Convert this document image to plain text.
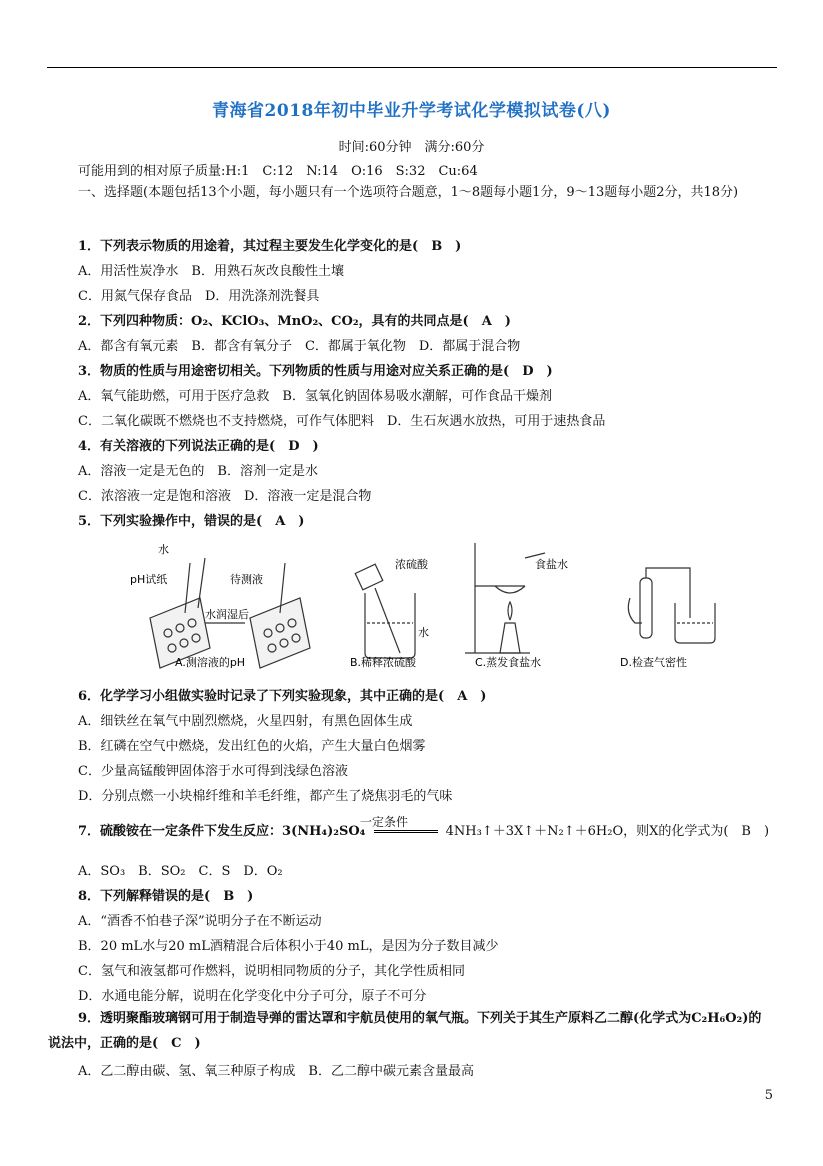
青海省2018年初中毕业升学考试化学模拟试卷(八)
时间:60分钟　满分:60分
可能用到的相对原子质量:H:1　C:12　N:14　O:16　S:32　Cu:64
一、选择题(本题包括13个小题，每小题只有一个选项符合题意，1～8题每小题1分，9～13题每小题2分，共18分)
1．下列表示物质的用途着，其过程主要发生化学变化的是(　B　)
A．用活性炭净水　B．用熟石灰改良酸性土壤
C．用氮气保存食品　D．用洗涤剂洗餐具
2．下列四种物质：O₂、KClO₃、MnO₂、CO₂，具有的共同点是(　A　)
A．都含有氧元素　B．都含有氧分子　C．都属于氧化物　D．都属于混合物
3．物质的性质与用途密切相关。下列物质的性质与用途对应关系正确的是(　D　)
A．氧气能助燃，可用于医疗急救　B．氢氧化钠固体易吸水潮解，可作食品干燥剂
C．二氧化碳既不燃烧也不支持燃烧，可作气体肥料　D．生石灰遇水放热，可用于速热食品
4．有关溶液的下列说法正确的是(　D　)
A．溶液一定是无色的　B．溶剂一定是水
C．浓溶液一定是饱和溶液　D．溶液一定是混合物
5．下列实验操作中，错误的是(　A　)
水
pH试纸	待测液
水润湿后
A.测溶液的pH
浓硫酸
水
B.稀释浓硫酸
食盐水
C.蒸发食盐水	D.检查气密性
6．化学学习小组做实验时记录了下列实验现象，其中正确的是(　A　)
A．细铁丝在氧气中剧烈燃烧，火星四射，有黑色固体生成
B．红磷在空气中燃烧，发出红色的火焰，产生大量白色烟雾
C．少量高锰酸钾固体溶于水可得到浅绿色溶液
D．分别点燃一小块棉纤维和羊毛纤维，都产生了烧焦羽毛的气味
7．硫酸铵在一定条件下发生反应：3(NH₄)₂SO₄	4NH₃↑＋3X↑＋N₂↑＋6H₂O，则X的化学式为(　B　)
一定条件
A．SO₃　B．SO₂　C．S　D．O₂
8．下列解释错误的是(　B　)
A．“酒香不怕巷子深”说明分子在不断运动
B．20 mL水与20 mL酒精混合后体积小于40 mL，是因为分子数目减少
C．氢气和液氢都可作燃料，说明相同物质的分子，其化学性质相同
D．水通电能分解，说明在化学变化中分子可分，原子不可分
9．透明聚酯玻璃钢可用于制造导弹的雷达罩和宇航员使用的氧气瓶。下列关于其生产原料乙二醇(化学式为C₂H₆O₂)的说法中，正确的是(　C　)
A．乙二醇由碳、氢、氧三种原子构成　B．乙二醇中碳元素含量最高
5
